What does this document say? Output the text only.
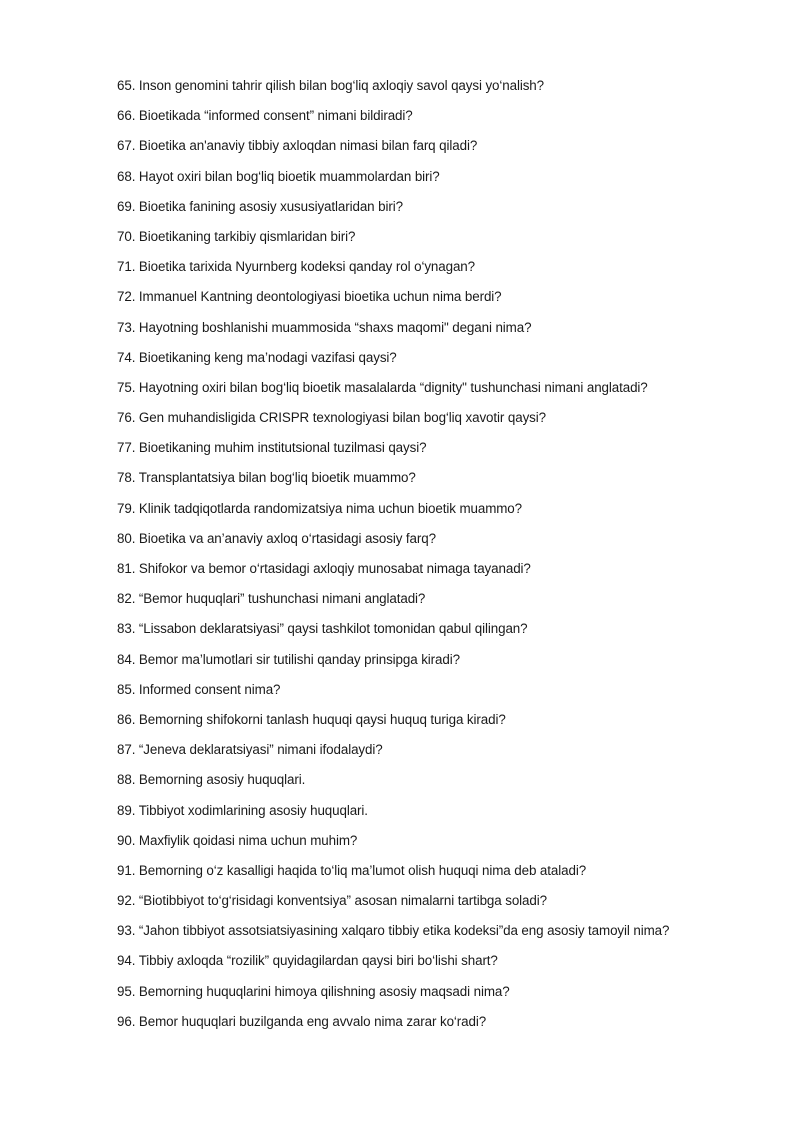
65. Inson genomini tahrir qilish bilan bog‘liq axloqiy savol qaysi yo‘nalish?
66. Bioetikada “informed consent” nimani bildiradi?
67. Bioetika an'anaviy tibbiy axloqdan nimasi bilan farq qiladi?
68. Hayot oxiri bilan bog‘liq bioetik muammolardan biri?
69. Bioetika fanining asosiy xususiyatlaridan biri?
70. Bioetikaning tarkibiy qismlaridan biri?
71. Bioetika tarixida Nyurnberg kodeksi qanday rol o‘ynagan?
72. Immanuel Kantning deontologiyasi bioetika uchun nima berdi?
73. Hayotning boshlanishi muammosida “shaxs maqomi" degani nima?
74. Bioetikaning keng ma’nodagi vazifasi qaysi?
75. Hayotning oxiri bilan bog‘liq bioetik masalalarda “dignity" tushunchasi nimani anglatadi?
76. Gen muhandisligida CRISPR texnologiyasi bilan bog‘liq xavotir qaysi?
77. Bioetikaning muhim institutsional tuzilmasi qaysi?
78. Transplantatsiya bilan bog‘liq bioetik muammo?
79. Klinik tadqiqotlarda randomizatsiya nima uchun bioetik muammo?
80. Bioetika va an’anaviy axloq o‘rtasidagi asosiy farq?
81. Shifokor va bemor o‘rtasidagi axloqiy munosabat nimaga tayanadi?
82. “Bemor huquqlari” tushunchasi nimani anglatadi?
83. “Lissabon deklaratsiyasi” qaysi tashkilot tomonidan qabul qilingan?
84. Bemor ma’lumotlari sir tutilishi qanday prinsipga kiradi?
85. Informed consent nima?
86. Bemorning shifokorni tanlash huquqi qaysi huquq turiga kiradi?
87. “Jeneva deklaratsiyasi” nimani ifodalaydi?
88. Bemorning asosiy huquqlari.
89. Tibbiyot xodimlarining asosiy huquqlari.
90. Maxfiylik qoidasi nima uchun muhim?
91. Bemorning o‘z kasalligi haqida to‘liq ma’lumot olish huquqi nima deb ataladi?
92. “Biotibbiyot to‘g‘risidagi konventsiya” asosan nimalarni tartibga soladi?
93. “Jahon tibbiyot assotsiatsiyasining xalqaro tibbiy etika kodeksi”da eng asosiy tamoyil nima?
94. Tibbiy axloqda “rozilik” quyidagilardan qaysi biri bo‘lishi shart?
95. Bemorning huquqlarini himoya qilishning asosiy maqsadi nima?
96. Bemor huquqlari buzilganda eng avvalo nima zarar ko‘radi?
